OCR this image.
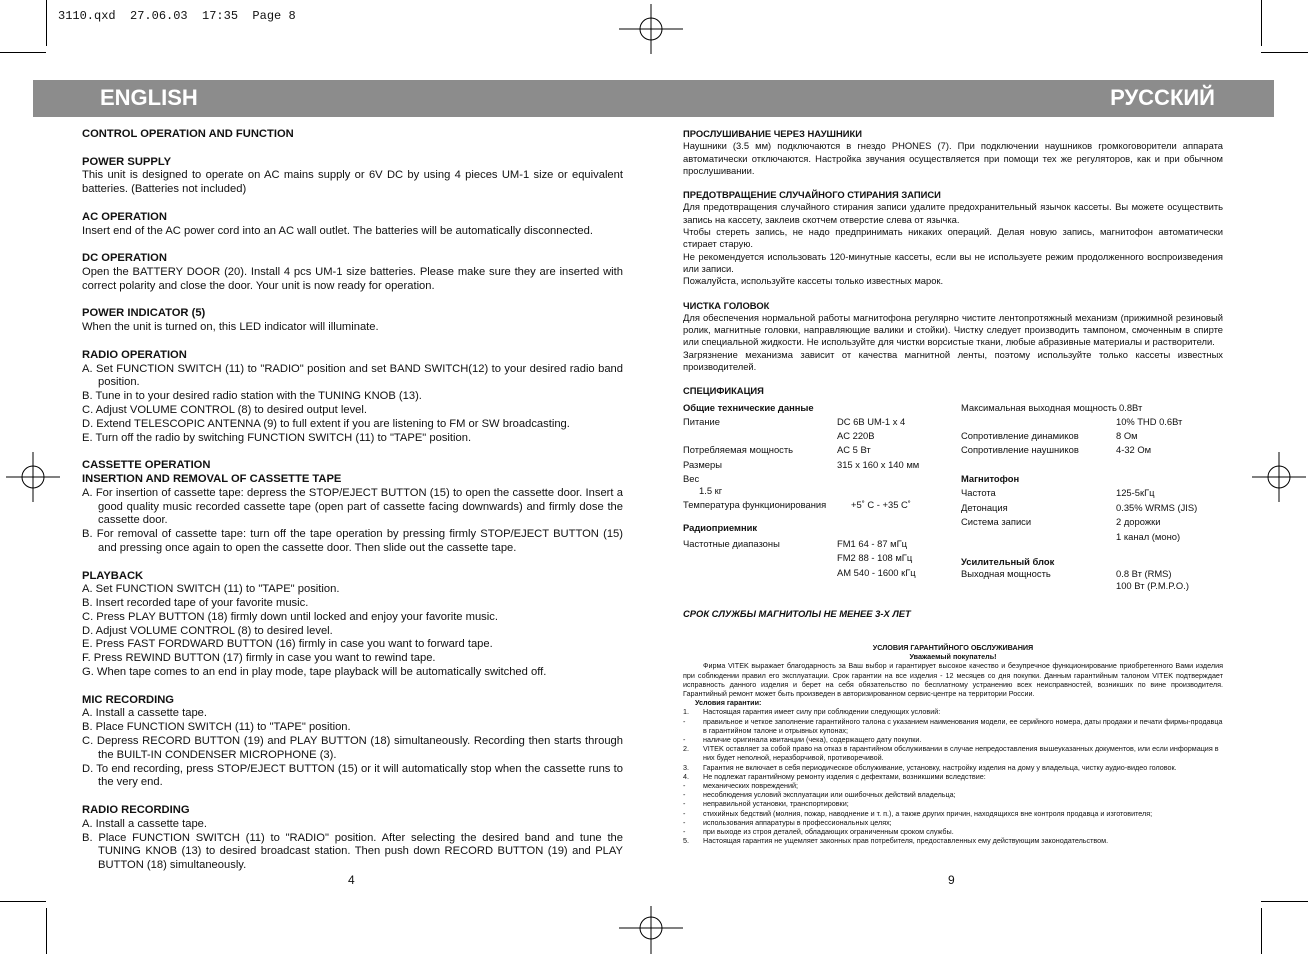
3110.qxd  27.06.03  17:35  Page 8
ENGLISH	РУССКИЙ
CONTROL OPERATION AND FUNCTION
POWER SUPPLY

This unit is designed to operate on AC mains supply or 6V DC by using 4 pieces UM-1 size or equivalent batteries. (Batteries not included)

AC OPERATION

Insert end of the AC power cord into an AC wall outlet. The batteries will be automatically disconnected.

DC OPERATION

Open the BATTERY DOOR (20). Install 4 pcs UM-1 size batteries. Please make sure they are inserted with correct polarity and close the door. Your unit is now ready for operation.

POWER INDICATOR (5)

When the unit is turned on, this LED indicator will illuminate.

RADIO OPERATION
A. Set FUNCTION SWITCH (11) to "RADIO" position and set BAND SWITCH(12) to your desired radio band position.
B. Tune in to your desired radio station with the TUNING KNOB (13).
C. Adjust VOLUME CONTROL (8) to desired output level.
D. Extend TELESCOPIC ANTENNA (9) to full extent if you are listening to FM or SW broadcasting.
E. Turn off the radio by switching FUNCTION SWITCH (11) to "TAPE" position.
CASSETTE OPERATION
INSERTION AND REMOVAL OF CASSETTE TAPE
A. For insertion of cassette tape: depress the STOP/EJECT BUTTON (15) to open the cassette door. Insert a good quality music recorded cassette tape (open part of cassette facing downwards) and firmly dose the cassette door.
B. For removal of cassette tape: turn off the tape operation by pressing firmly STOP/EJECT BUTTON (15) and pressing once again to open the cassette door. Then slide out the cassette tape.
PLAYBACK
A. Set FUNCTION SWITCH (11) to "TAPE" position.
B. Insert recorded tape of your favorite music.
C. Press PLAY BUTTON (18) firmly down until locked and enjoy your favorite music.
D. Adjust VOLUME CONTROL (8) to desired level.
E. Press FAST FORDWARD BUTTON (16) firmly in case you want to forward tape.
F. Press REWIND BUTTON (17) firmly in case you want to rewind tape.
G. When tape comes to an end in play mode, tape playback will be automatically switched off.
MIC RECORDING
A. Install a cassette tape.
B. Place FUNCTION SWITCH (11) to "TAPE" position.
C. Depress RECORD BUTTON (19) and PLAY BUTTON (18) simultaneously. Recording then starts through the BUILT-IN CONDENSER MICROPHONE (3).
D. To end recording, press STOP/EJECT BUTTON (15) or it will automatically stop when the cassette runs to the very end.
RADIO RECORDING
A. Install a cassette tape.
B. Place FUNCTION SWITCH (11) to "RADIO" position. After selecting the desired band and tune the TUNING KNOB (13) to desired broadcast station. Then push down RECORD BUTTON (19) and PLAY BUTTON (18) simultaneously.
4
ПРОСЛУШИВАНИЕ ЧЕРЕЗ НАУШНИКИ

Наушники (3.5 мм) подключаются в гнездо PHONES (7). При подключении наушников громкоговорители аппарата автоматически отключаются. Настройка звучания осуществляется при помощи тех же регуляторов, как и при обычном прослушивании.

ПРЕДОТВРАЩЕНИЕ СЛУЧАЙНОГО СТИРАНИЯ ЗАПИСИ

Для предотвращения случайного стирания записи удалите предохранительный язычок кассеты. Вы можете осуществить запись на кассету, заклеив скотчем отверстие слева от язычка.

Чтобы стереть запись, не надо предпринимать никаких операций. Делая новую запись, магнитофон автоматически стирает старую.

Не рекомендуется использовать 120-минутные кассеты, если вы не используете режим продолженного воспроизведения или записи.

Пожалуйста, используйте кассеты только известных марок.

ЧИСТКА ГОЛОВОК

Для обеспечения нормальной работы магнитофона регулярно чистите лентопротяжный механизм (прижимной резиновый ролик, магнитные головки, направляющие валики и стойки). Чистку следует производить тампоном, смоченным в спирте или специальной жидкости. Не используйте для чистки ворсистые ткани, любые абразивные материалы и растворители.

Загрязнение механизма зависит от качества магнитной ленты, поэтому используйте только кассеты известных производителей.

СПЕЦИФИКАЦИЯ
Общие технические данные
Питание	DC 6В UM-1 x 4
AC 220В
Потребляемая мощность	AC 5 Вт
Размеры	315 x 160 x 140 мм
Вес
1.5 кг
Температура функционирования	+5˚ C - +35 C˚
Радиоприемник
Частотные диапазоны	FM1 64 - 87 мГц
FM2 88 - 108 мГц
AM 540 - 1600 кГц
Максимальная выходная мощность 0.8Вт
10% THD 0.6Вт
Сопротивление динамиков	8 Ом
Сопротивление наушников	4-32 Ом
Магнитофон
Частота	125-5кГц
Детонация	0.35% WRMS (JIS)
Система записи	2 дорожки
1 канал (моно)
Усилительный блок
Выходная мощность	0.8 Вт (RMS)
100 Вт (P.M.P.O.)
СРОК СЛУЖБЫ МАГНИТОЛЫ НЕ МЕНЕЕ 3-Х ЛЕТ
УСЛОВИЯ ГАРАНТИЙНОГО ОБСЛУЖИВАНИЯ
Уважаемый покупатель!

Фирма VITEK выражает благодарность за Ваш выбор и гарантирует высокое качество и безупречное функционирование приобретенного Вами изделия при соблюдении правил его эксплуатации. Срок гарантии на все изделия - 12 месяцев со дня покупки. Данным гарантийным талоном VITEK подтверждает исправность данного изделия и берет на себя обязательство по бесплатному устранению всех неисправностей, возникших по вине производителя. Гарантийный ремонт может быть произведен в авторизированном сервис-центре на территории России.

Условия гарантии:
1.	Настоящая гарантия имеет силу при соблюдении следующих условий:
-	правильное и четкое заполнение гарантийного талона с указанием наименования модели, ее серийного номера, даты продажи и печати фирмы-продавца в гарантийном талоне и отрывных купонах;
-	наличие оригинала квитанции (чека), содержащего дату покупки.
2.	VITEK оставляет за собой право на отказ в гарантийном обслуживании в случае непредоставления вышеуказанных документов, или если информация в них будет неполной, неразборчивой, противоречивой.
3.	Гарантия не включает в себя периодическое обслуживание, установку, настройку изделия на дому у владельца, чистку аудио-видео головок.
4.	Не подлежат гарантийному ремонту изделия с дефектами, возникшими вследствие:
-	механических повреждений;
-	несоблюдения условий эксплуатации или ошибочных действий владельца;
-	неправильной установки, транспортировки;
-	стихийных бедствий (молния, пожар, наводнение и т. п.), а также других причин, находящихся вне контроля продавца и изготовителя;
-	использования аппаратуры в профессиональных целях;
-	при выходе из строя деталей, обладающих ограниченным сроком службы.
5.	Настоящая гарантия не ущемляет законных прав потребителя, предоставленных ему действующим законодательством.
9
